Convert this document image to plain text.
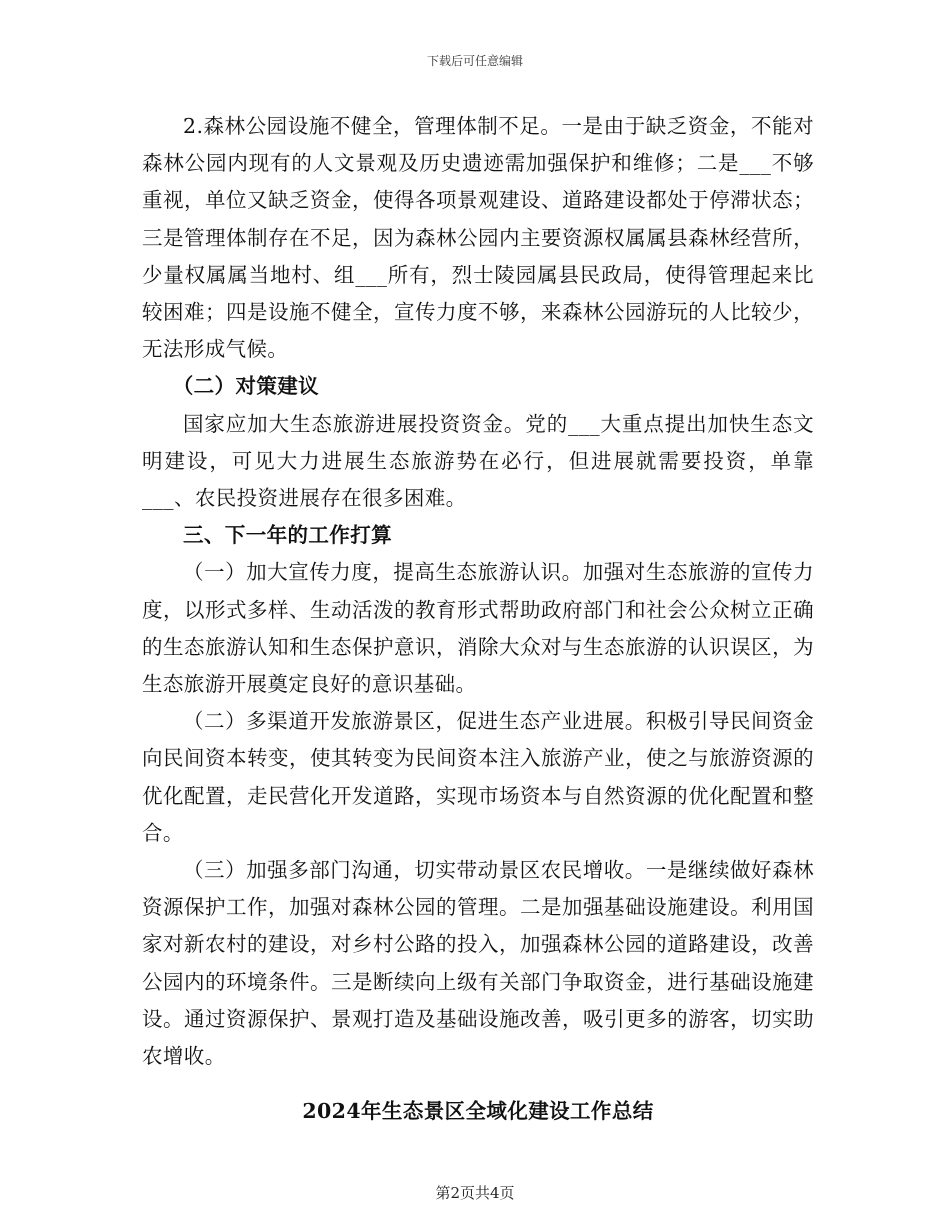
下载后可任意编辑

2.森林公园设施不健全，管理体制不足。一是由于缺乏资金，不能对森林公园内现有的人文景观及历史遗迹需加强保护和维修；二是___不够重视，单位又缺乏资金，使得各项景观建设、道路建设都处于停滞状态；三是管理体制存在不足，因为森林公园内主要资源权属属县森林经营所，少量权属属当地村、组___所有，烈士陵园属县民政局，使得管理起来比较困难；四是设施不健全，宣传力度不够，来森林公园游玩的人比较少，无法形成气候。

（二）对策建议

国家应加大生态旅游进展投资资金。党的___大重点提出加快生态文明建设，可见大力进展生态旅游势在必行，但进展就需要投资，单靠___、农民投资进展存在很多困难。

三、下一年的工作打算

（一）加大宣传力度，提高生态旅游认识。加强对生态旅游的宣传力度，以形式多样、生动活泼的教育形式帮助政府部门和社会公众树立正确的生态旅游认知和生态保护意识，消除大众对与生态旅游的认识误区，为生态旅游开展奠定良好的意识基础。

（二）多渠道开发旅游景区，促进生态产业进展。积极引导民间资金向民间资本转变，使其转变为民间资本注入旅游产业，使之与旅游资源的优化配置，走民营化开发道路，实现市场资本与自然资源的优化配置和整合。

（三）加强多部门沟通，切实带动景区农民增收。一是继续做好森林资源保护工作，加强对森林公园的管理。二是加强基础设施建设。利用国家对新农村的建设，对乡村公路的投入，加强森林公园的道路建设，改善公园内的环境条件。三是断续向上级有关部门争取资金，进行基础设施建设。通过资源保护、景观打造及基础设施改善，吸引更多的游客，切实助农增收。

2024年生态景区全域化建设工作总结

第2页共4页
